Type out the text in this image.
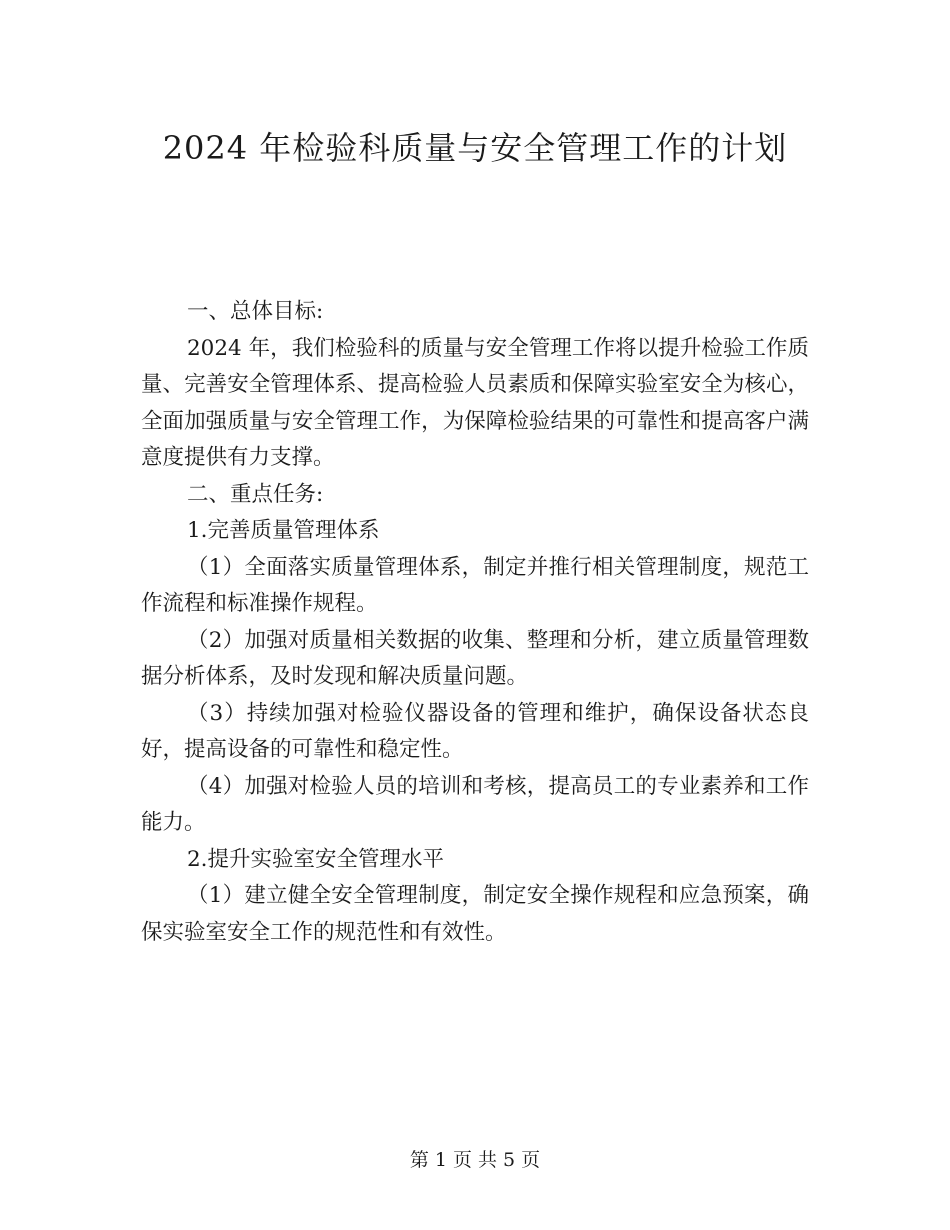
2024 年检验科质量与安全管理工作的计划

一、总体目标:

2024 年，我们检验科的质量与安全管理工作将以提升检验工作质量、完善安全管理体系、提高检验人员素质和保障实验室安全为核心，全面加强质量与安全管理工作，为保障检验结果的可靠性和提高客户满意度提供有力支撑。

二、重点任务:

1.完善质量管理体系

（1）全面落实质量管理体系，制定并推行相关管理制度，规范工作流程和标准操作规程。

（2）加强对质量相关数据的收集、整理和分析，建立质量管理数据分析体系，及时发现和解决质量问题。

（3）持续加强对检验仪器设备的管理和维护，确保设备状态良好，提高设备的可靠性和稳定性。

（4）加强对检验人员的培训和考核，提高员工的专业素养和工作能力。

2.提升实验室安全管理水平

（1）建立健全安全管理制度，制定安全操作规程和应急预案，确保实验室安全工作的规范性和有效性。

第 1 页 共 5 页
